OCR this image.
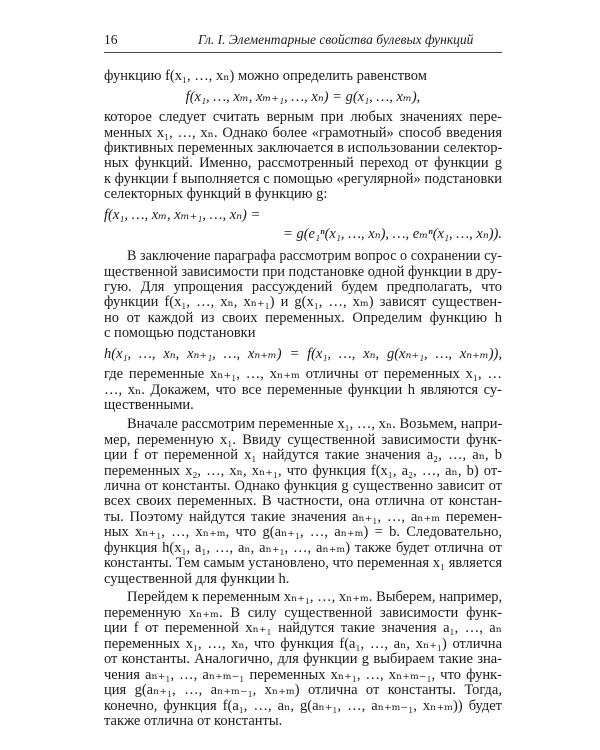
16	Гл. I. Элементарные свойства булевых функций
функцию f(x₁, …, xₙ) можно определить равенством
f(x₁, …, xₘ, xₘ₊₁, …, xₙ) = g(x₁, …, xₘ),
которое следует считать верным при любых значениях пере-
менных x₁, …, xₙ. Однако более «грамотный» способ введения
фиктивных переменных заключается в использовании селектор-
ных функций. Именно, рассмотренный переход от функции g
к функции f выполняется с помощью «регулярной» подстановки
селекторных функций в функцию g:
f(x₁, …, xₘ, xₘ₊₁, …, xₙ) =
= g(e₁ⁿ(x₁, …, xₙ), …, eₘⁿ(x₁, …, xₙ)).
В заключение параграфа рассмотрим вопрос о сохранении су-
щественной зависимости при подстановке одной функции в дру-
гую. Для упрощения рассуждений будем предполагать, что
функции f(x₁, …, xₙ, xₙ₊₁) и g(x₁, …, xₘ) зависят существен-
но от каждой из своих переменных. Определим функцию h
с помощью подстановки
h(x₁, …, xₙ, xₙ₊₁, …, xₙ₊ₘ) = f(x₁, …, xₙ, g(xₙ₊₁, …, xₙ₊ₘ)),
где переменные xₙ₊₁, …, xₙ₊ₘ отличны от переменных x₁, …
…, xₙ. Докажем, что все переменные функции h являются су-
щественными.
Вначале рассмотрим переменные x₁, …, xₙ. Возьмем, напри-
мер, переменную x₁. Ввиду существенной зависимости функ-
ции f от переменной x₁ найдутся такие значения a₂, …, aₙ, b
переменных x₂, …, xₙ, xₙ₊₁, что функция f(x₁, a₂, …, aₙ, b) от-
лична от константы. Однако функция g существенно зависит от
всех своих переменных. В частности, она отлична от констан-
ты. Поэтому найдутся такие значения aₙ₊₁, …, aₙ₊ₘ перемен-
ных xₙ₊₁, …, xₙ₊ₘ, что g(aₙ₊₁, …, aₙ₊ₘ) = b. Следовательно,
функция h(x₁, a₁, …, aₙ, aₙ₊₁, …, aₙ₊ₘ) также будет отлична от
константы. Тем самым установлено, что переменная x₁ является
существенной для функции h.
Перейдем к переменным xₙ₊₁, …, xₙ₊ₘ. Выберем, например,
переменную xₙ₊ₘ. В силу существенной зависимости функ-
ции f от переменной xₙ₊₁ найдутся такие значения a₁, …, aₙ
переменных x₁, …, xₙ, что функция f(a₁, …, aₙ, xₙ₊₁) отлична
от константы. Аналогично, для функции g выбираем такие зна-
чения aₙ₊₁, …, aₙ₊ₘ₋₁ переменных xₙ₊₁, …, xₙ₊ₘ₋₁, что функ-
ция g(aₙ₊₁, …, aₙ₊ₘ₋₁, xₙ₊ₘ) отлична от константы. Тогда,
конечно, функция f(a₁, …, aₙ, g(aₙ₊₁, …, aₙ₊ₘ₋₁, xₙ₊ₘ)) будет
также отлична от константы.
